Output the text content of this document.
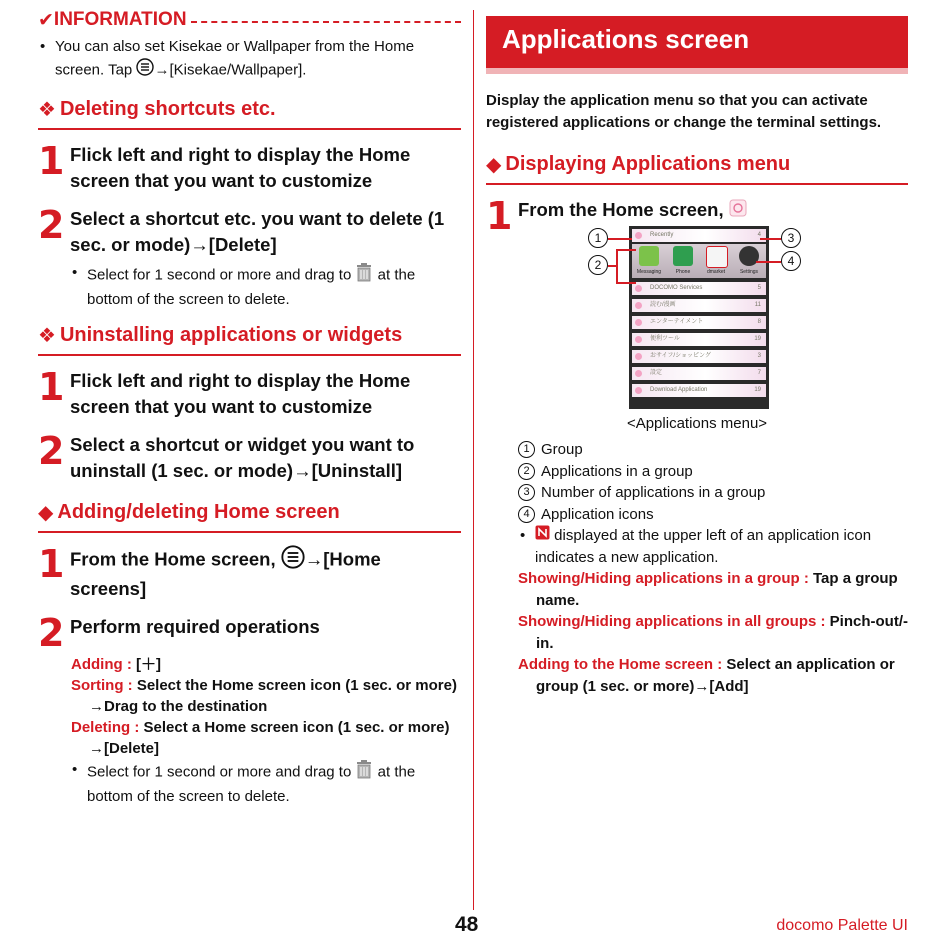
✔ INFORMATION
• You can also set Kisekae or Wallpaper from the Home
screen. Tap →[Kisekae/Wallpaper].
❖ Deleting shortcuts etc.
1 Flick left and right to display the Home
screen that you want to customize
2 Select a shortcut etc. you want to delete (1
sec. or mode)→[Delete]
• Select for 1 second or more and drag to  at the
bottom of the screen to delete.
❖ Uninstalling applications or widgets
1 Flick left and right to display the Home
screen that you want to customize
2 Select a shortcut or widget you want to
uninstall (1 sec. or mode)→[Uninstall]
◆ Adding/deleting Home screen
1 From the Home screen, →[Home
screens]
2 Perform required operations
Adding : [＋]
Sorting : Select the Home screen icon (1 sec. or more)
→Drag to the destination
Deleting : Select a Home screen icon (1 sec. or more)
→[Delete]
• Select for 1 second or more and drag to  at the
bottom of the screen to delete.
Applications screen
Display the application menu so that you can activate
registered applications or change the terminal settings.
◆ Displaying Applications menu
1 From the Home screen,
Recently	4
Messaging	Phone	dmarket	Settings
DOCOMO Services	5
読む/漫画	11
エンターテイメント	8
便利ツール	19
おサイフ/ショッピング	3
設定	7
Download Application	19
1
2
3
4
<Applications menu>
1 Group
2 Applications in a group
3 Number of applications in a group
4 Application icons
• displayed at the upper left of an application icon
indicates a new application.
Showing/Hiding applications in a group : Tap a group name.
Showing/Hiding applications in all groups : Pinch-out/-in.
Adding to the Home screen : Select an application or group (1 sec. or more)→[Add]
48	docomo Palette UI
